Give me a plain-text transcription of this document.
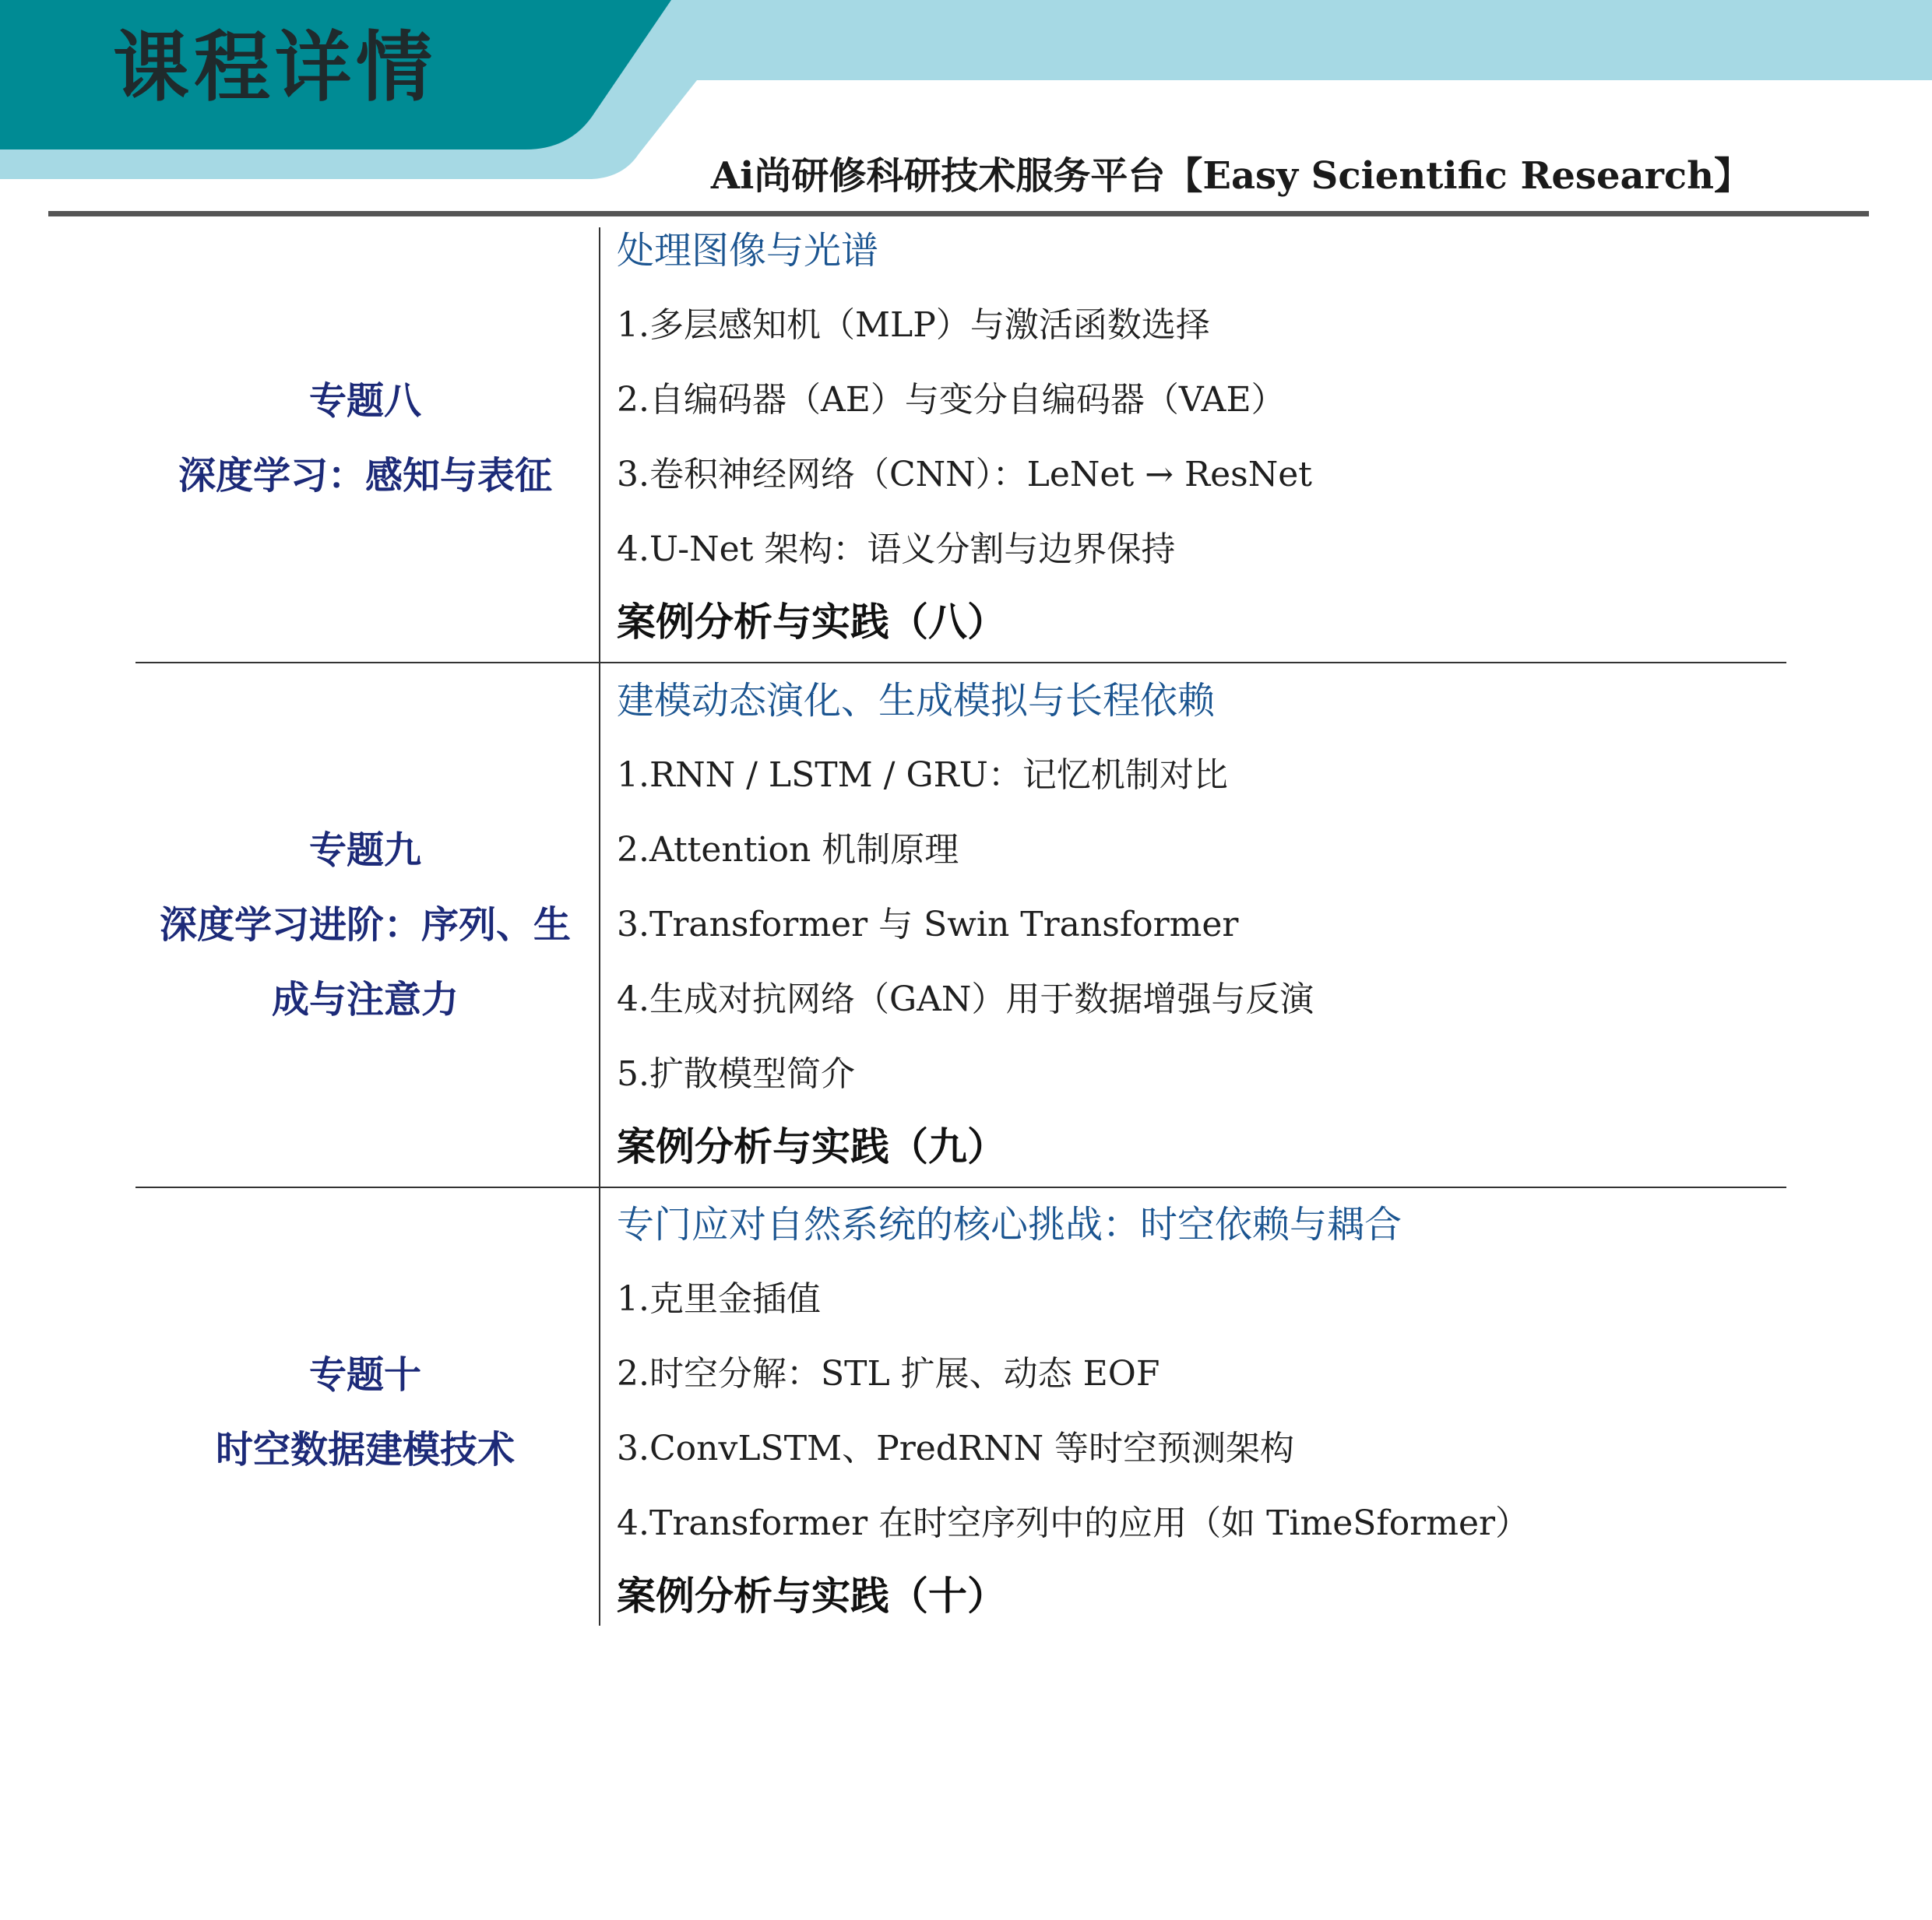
课程详情
Ai尚研修科研技术服务平台【Easy Scientific Research】
专题八
深度学习：感知与表征
处理图像与光谱
1.多层感知机（MLP）与激活函数选择
2.自编码器（AE）与变分自编码器（VAE）
3.卷积神经网络（CNN）：LeNet → ResNet
4.U-Net 架构：语义分割与边界保持
案例分析与实践（八）
专题九
深度学习进阶：序列、生
成与注意力
建模动态演化、生成模拟与长程依赖
1.RNN / LSTM / GRU：记忆机制对比
2.Attention 机制原理
3.Transformer 与 Swin Transformer
4.生成对抗网络（GAN）用于数据增强与反演
5.扩散模型简介
案例分析与实践（九）
专题十
时空数据建模技术
专门应对自然系统的核心挑战：时空依赖与耦合
1.克里金插值
2.时空分解：STL 扩展、动态 EOF
3.ConvLSTM、PredRNN 等时空预测架构
4.Transformer 在时空序列中的应用（如 TimeSformer）
案例分析与实践（十）
